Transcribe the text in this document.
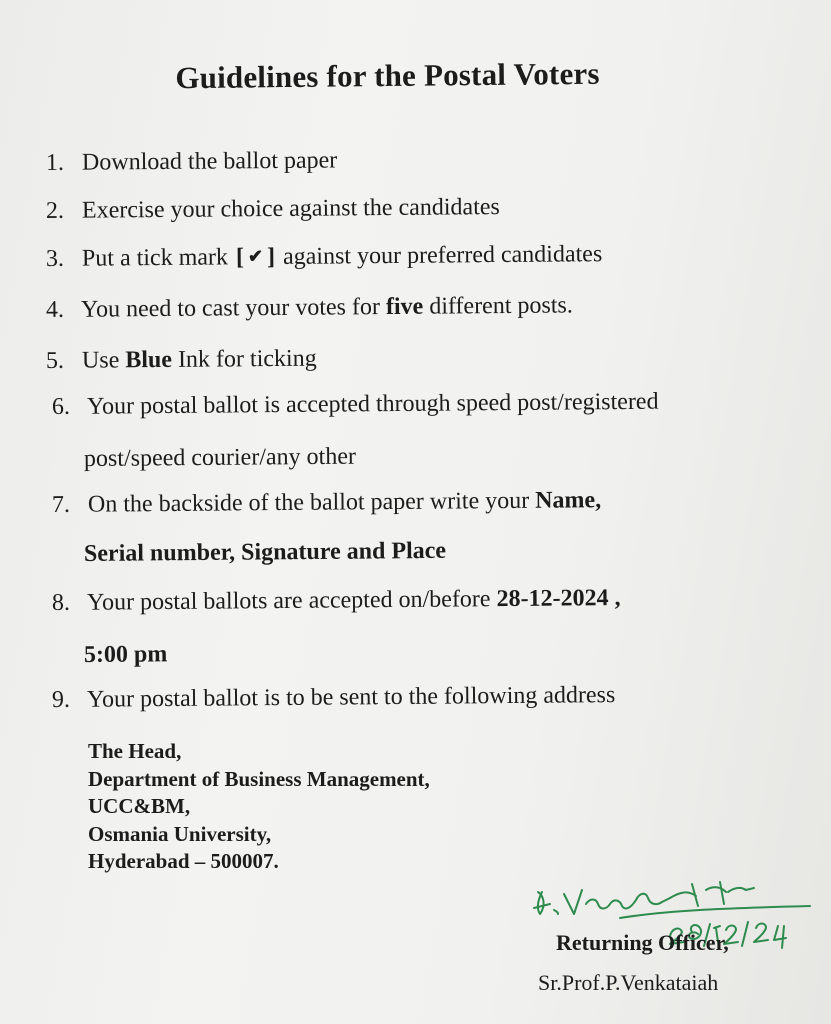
Guidelines for the Postal Voters
1. Download the ballot paper
2. Exercise your choice against the candidates
3. Put a tick mark [ ✔ ] against your preferred candidates
4. You need to cast your votes for five different posts.
5. Use Blue Ink for ticking
6. Your postal ballot is accepted through speed post/registered
post/speed courier/any other
7. On the backside of the ballot paper write your Name,
Serial number, Signature and Place
8. Your postal ballots are accepted on/before 28-12-2024 ,
5:00 pm
9. Your postal ballot is to be sent to the following address
The Head,
Department of Business Management,
UCC&BM,
Osmania University,
Hyderabad – 500007.
Returning Officer,
Sr.Prof.P.Venkataiah
